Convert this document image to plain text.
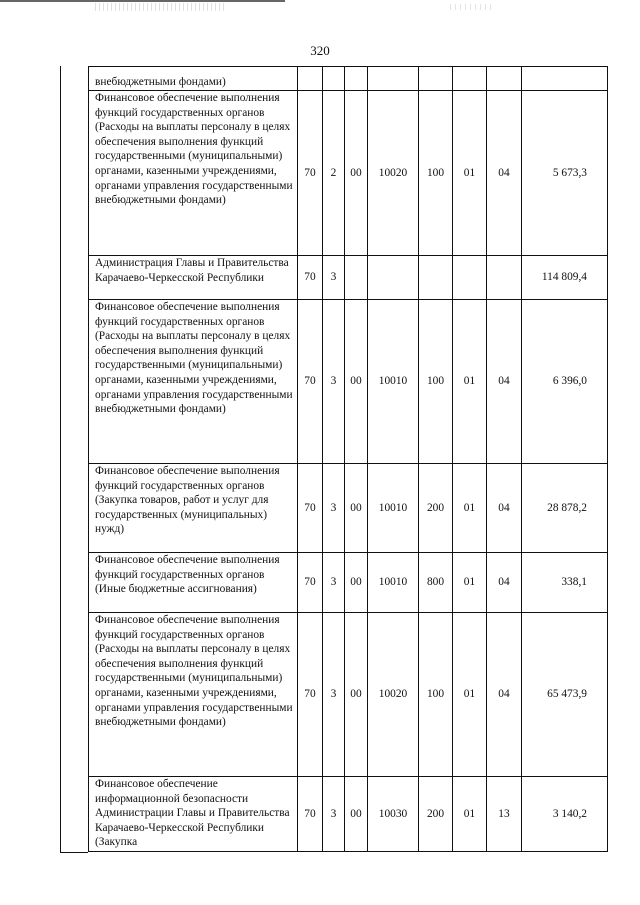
320
внебюджетными фондами)								
Финансовое обеспечение выполнения функций государственных органов (Расходы на выплаты персоналу в целях обеспечения выполнения функций государственными (муниципальными) органами, казенными учреждениями, органами управления государственными внебюджетными фондами)	70	2	00	10020	100	01	04	5 673,3
Администрация Главы и Правительства Карачаево-Черкесской Республики	70	3						114 809,4
Финансовое обеспечение выполнения функций государственных органов (Расходы на выплаты персоналу в целях обеспечения выполнения функций государственными (муниципальными) органами, казенными учреждениями, органами управления государственными внебюджетными фондами)	70	3	00	10010	100	01	04	6 396,0
Финансовое обеспечение выполнения функций государственных органов (Закупка товаров, работ и услуг для государственных (муниципальных) нужд)	70	3	00	10010	200	01	04	28 878,2
Финансовое обеспечение выполнения функций государственных органов (Иные бюджетные ассигнования)	70	3	00	10010	800	01	04	338,1
Финансовое обеспечение выполнения функций государственных органов (Расходы на выплаты персоналу в целях обеспечения выполнения функций государственными (муниципальными) органами, казенными учреждениями, органами управления государственными внебюджетными фондами)	70	3	00	10020	100	01	04	65 473,9
Финансовое обеспечение информационной безопасности Администрации Главы и Правительства Карачаево-Черкесской Республики (Закупка	70	3	00	10030	200	01	13	3 140,2
